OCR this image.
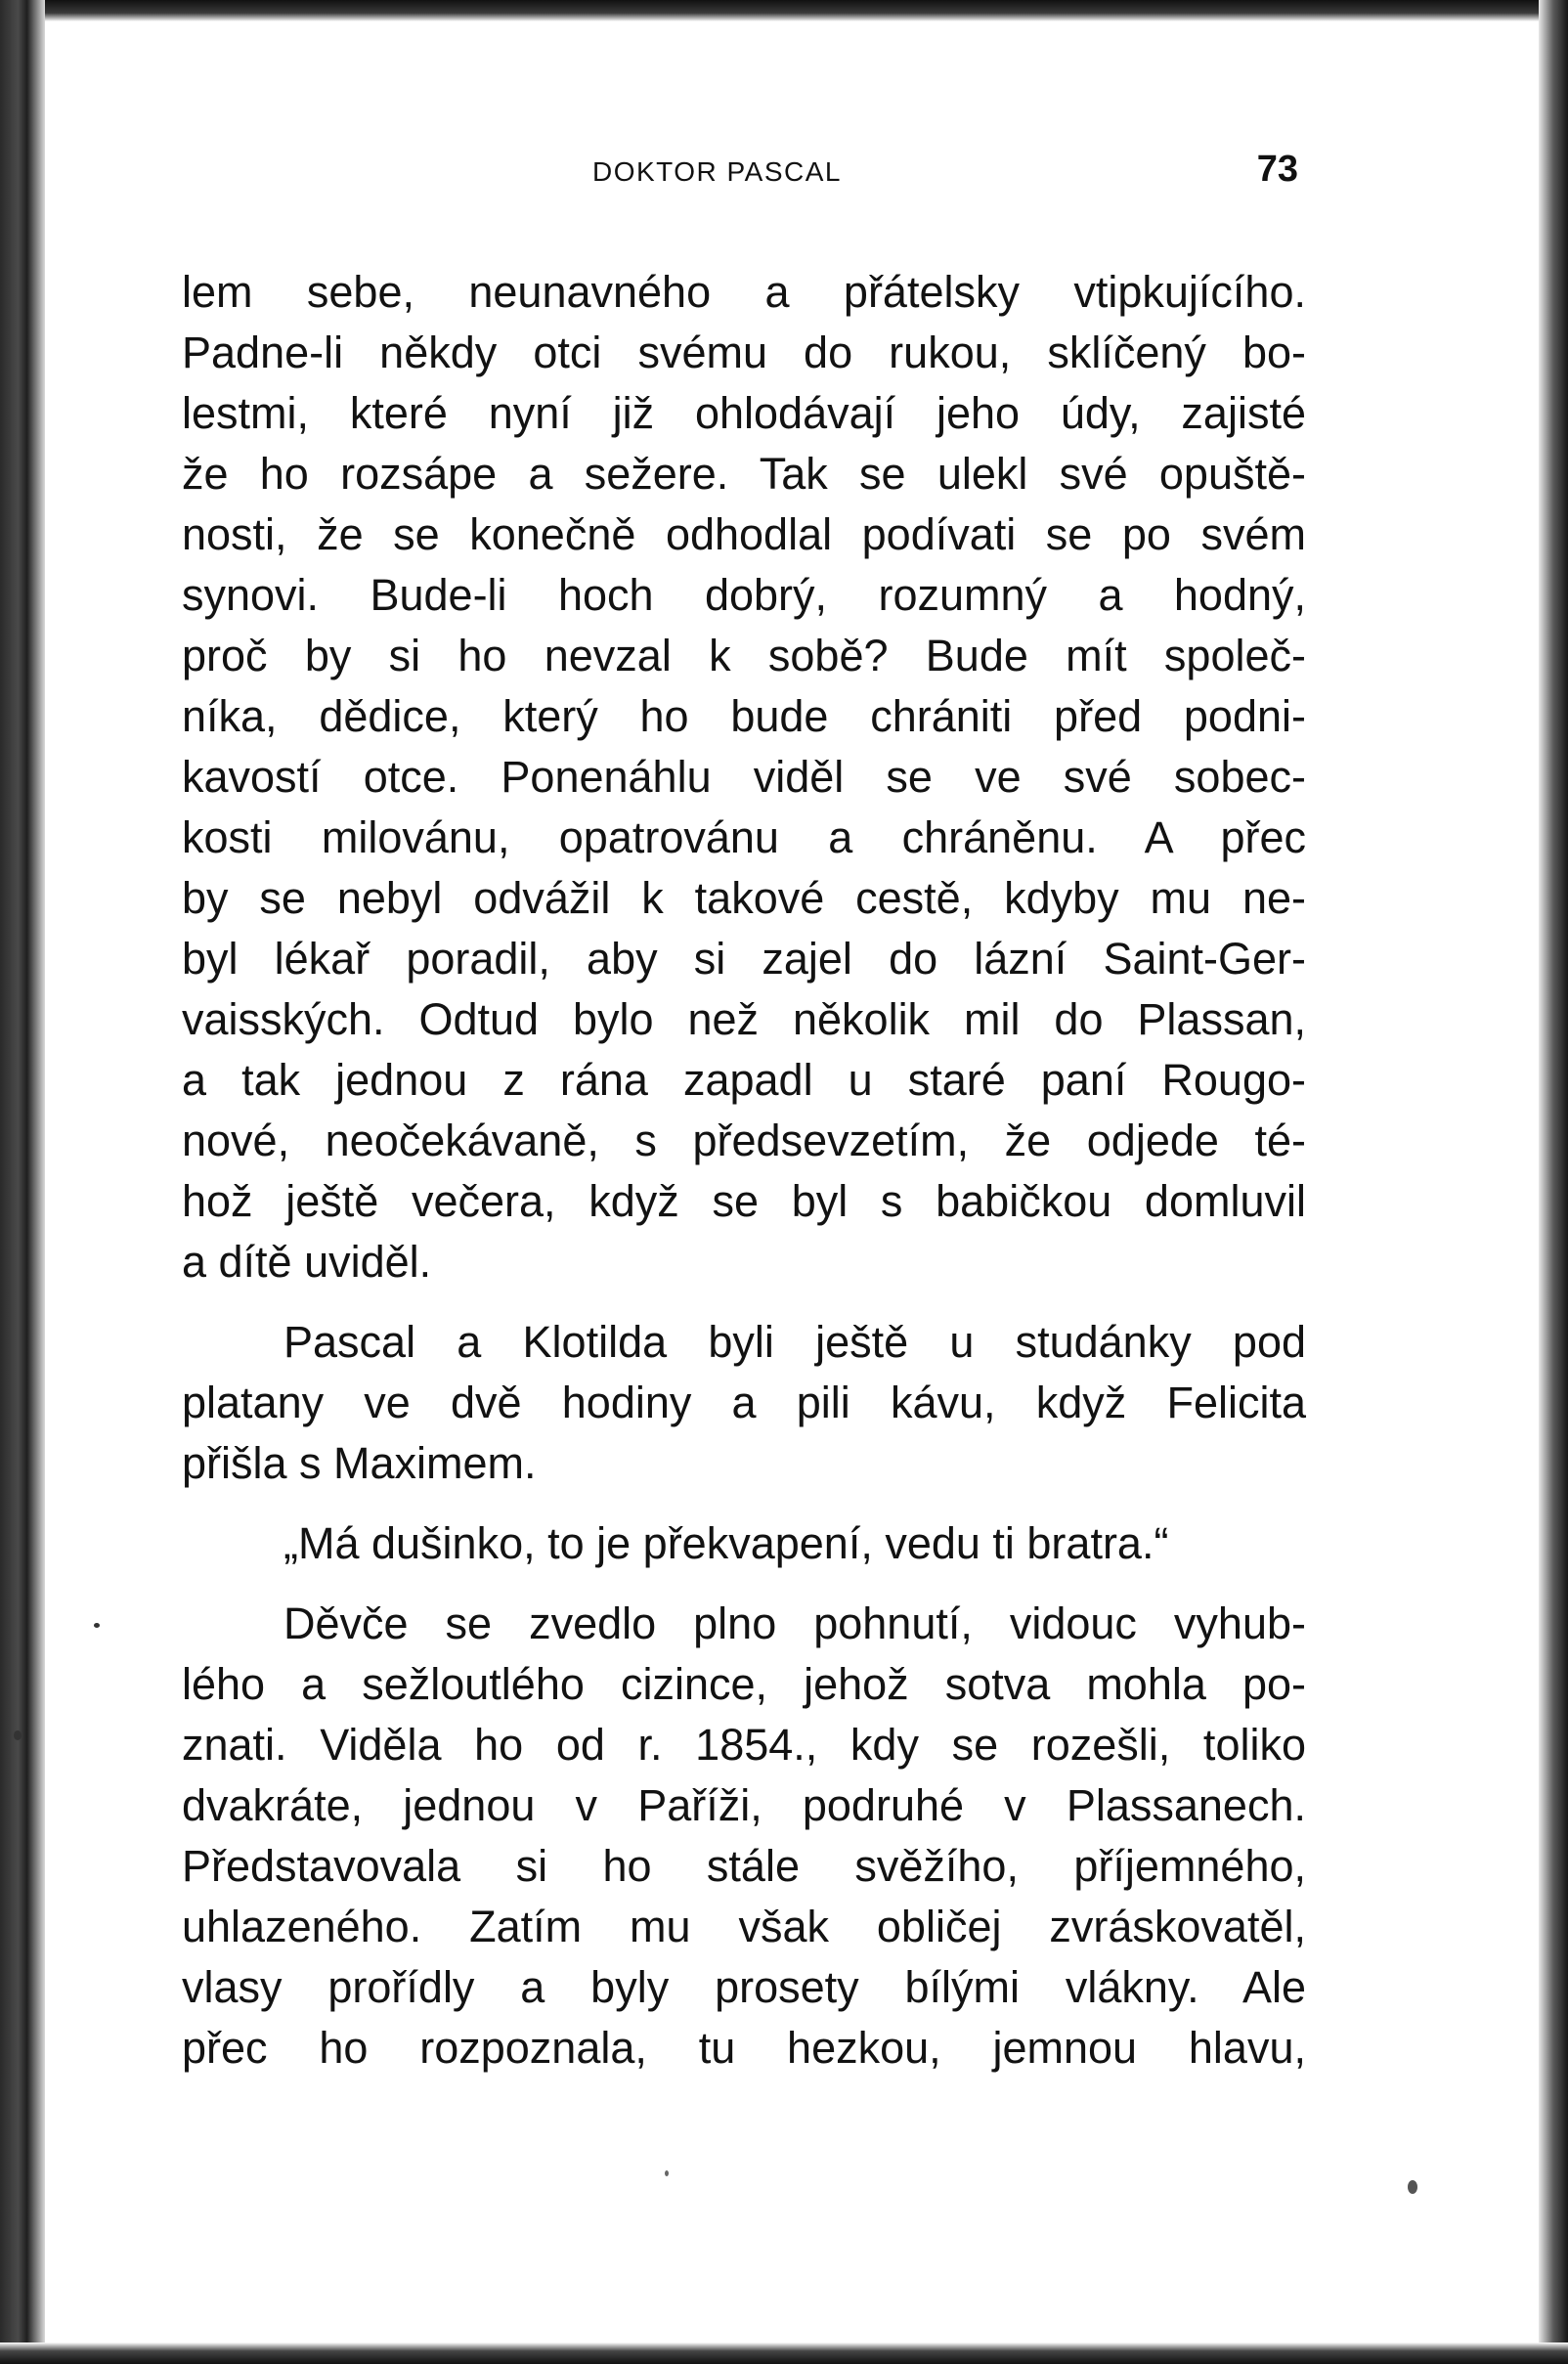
DOKTOR PASCAL	73
lem sebe, neunavného a přátelsky vtipkujícího.
Padne-li někdy otci svému do rukou, sklíčený bo-
lestmi, které nyní již ohlodávají jeho údy, zajisté
že ho rozsápe a sežere. Tak se ulekl své opuště-
nosti, že se konečně odhodlal podívati se po svém
synovi. Bude-li hoch dobrý, rozumný a hodný,
proč by si ho nevzal k sobě? Bude mít společ-
níka, dědice, který ho bude chrániti před podni-
kavostí otce. Ponenáhlu viděl se ve své sobec-
kosti milovánu, opatrovánu a chráněnu. A přec
by se nebyl odvážil k takové cestě, kdyby mu ne-
byl lékař poradil, aby si zajel do lázní Saint-Ger-
vaisských. Odtud bylo než několik mil do Plassan,
a tak jednou z rána zapadl u staré paní Rougo-
nové, neočekávaně, s předsevzetím, že odjede té-
hož ještě večera, když se byl s babičkou domluvil
a dítě uviděl.
Pascal a Klotilda byli ještě u studánky pod
platany ve dvě hodiny a pili kávu, když Felicita
přišla s Maximem.
„Má dušinko, to je překvapení, vedu ti bratra.“
Děvče se zvedlo plno pohnutí, vidouc vyhub-
lého a sežloutlého cizince, jehož sotva mohla po-
znati. Viděla ho od r. 1854., kdy se rozešli, toliko
dvakráte, jednou v Paříži, podruhé v Plassanech.
Představovala si ho stále svěžího, příjemného,
uhlazeného. Zatím mu však obličej zvráskovatěl,
vlasy prořídly a byly prosety bílými vlákny. Ale
přec ho rozpoznala, tu hezkou, jemnou hlavu,
